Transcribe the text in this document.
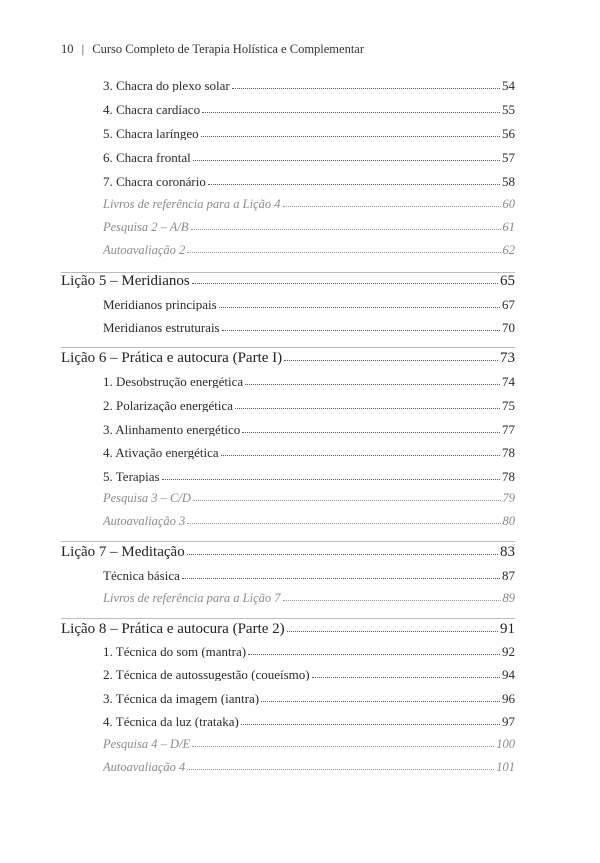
10 | Curso Completo de Terapia Holística e Complementar
3. Chacra do plexo solar	54
4. Chacra cardíaco	55
5. Chacra laríngeo	56
6. Chacra frontal	57
7. Chacra coronário	58
Livros de referência para a Lição 4	60
Pesquisa 2 – A/B	61
Autoavaliação 2	62
Lição 5 – Meridianos	65
Meridianos principais	67
Meridianos estruturais	70
Lição 6 – Prática e autocura (Parte I)	73
1. Desobstrução energética	74
2. Polarização energética	75
3. Alinhamento energético	77
4. Ativação energética	78
5. Terapias	78
Pesquisa 3 – C/D	79
Autoavaliação 3	80
Lição 7 – Meditação	83
Técnica básica	87
Livros de referência para a Lição 7	89
Lição 8 – Prática e autocura (Parte 2)	91
1. Técnica do som (mantra)	92
2. Técnica de autossugestão (coueísmo)	94
3. Técnica da imagem (iantra)	96
4. Técnica da luz (trataka)	97
Pesquisa 4 – D/E	100
Autoavaliação 4	101
